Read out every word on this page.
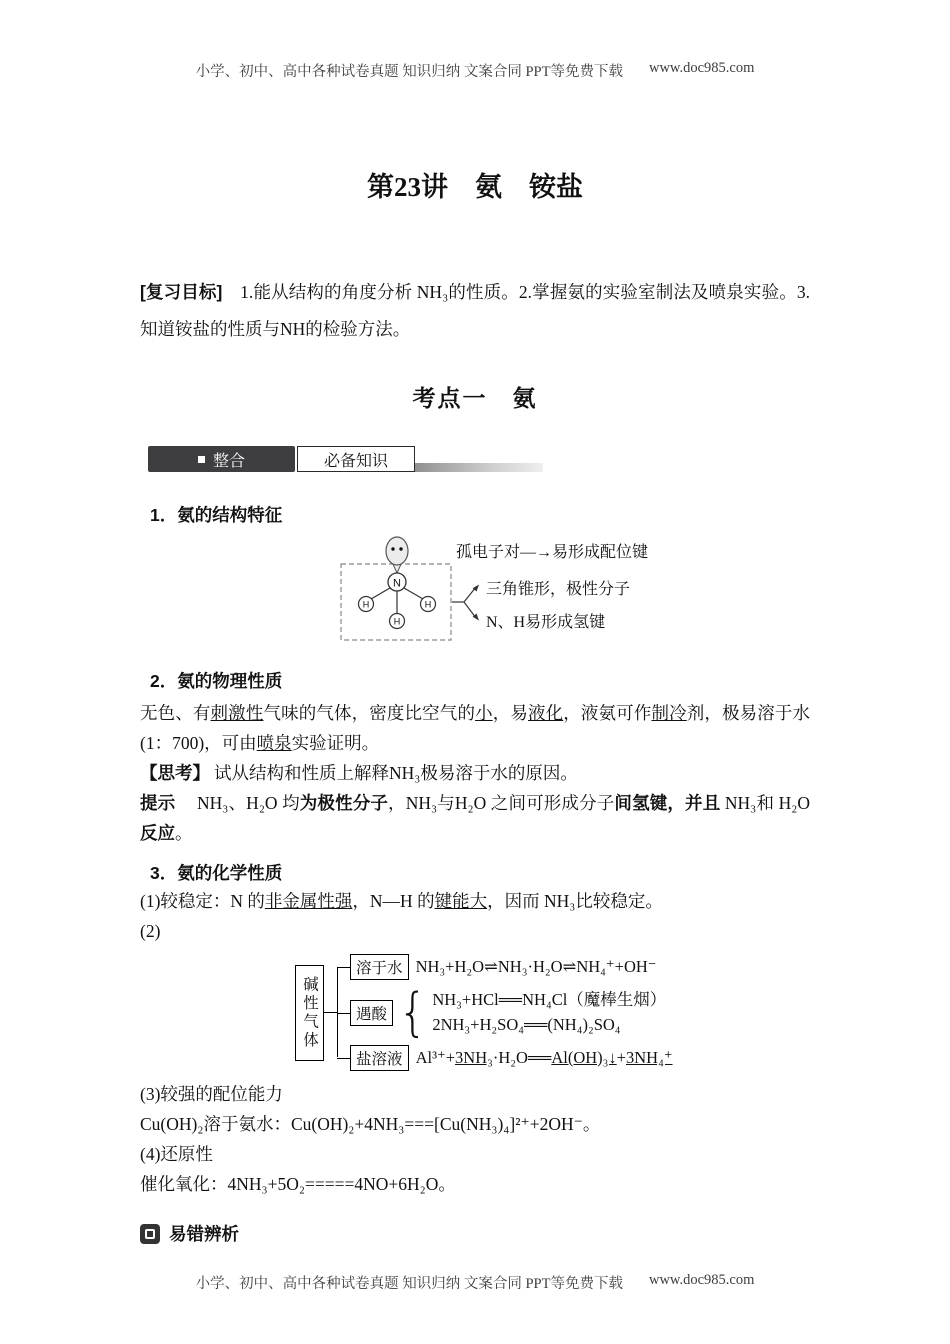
小学、初中、高中各种试卷真题 知识归纳 文案合同 PPT等免费下载 www.doc985.com
第23讲　氨　铵盐

[复习目标]　1.能从结构的角度分析 NH₃的性质。2.掌握氨的实验室制法及喷泉实验。3.知道铵盐的性质与NH的检验方法。

考点一　氨
整合	必备知识
1．氨的结构特征
N
H
H
H
孤电子对—→易形成配位键
三角锥形，极性分子
N、H易形成氢键
2．氨的物理性质

无色、有刺激性气味的气体，密度比空气的小，易液化，液氨可作制冷剂，极易溶于水(1：700)，可由喷泉实验证明。

【思考】 试从结构和性质上解释NH₃极易溶于水的原因。

提示　NH₃、H₂O 均为极性分子，NH₃与H₂O 之间可形成分子间氢键，并且 NH₃和 H₂O 反应。

3．氨的化学性质

(1)较稳定：N 的非金属性强，N—H 的键能大，因而 NH₃比较稳定。

(2)

碱性气体
溶于水 NH₃+H₂O⇌NH₃·H₂O⇌NH₄⁺+OH⁻
遇酸
{
NH₃+HCl══NH₄Cl（魔棒生烟）
2NH₃+H₂SO₄══(NH₄)₂SO₄
盐溶液 Al³⁺+3NH₃·H₂O══Al(OH)₃↓+3NH₄⁺

(3)较强的配位能力

Cu(OH)₂溶于氨水：Cu(OH)₂+4NH₃===[Cu(NH₃)₄]²⁺+2OH⁻。

(4)还原性

催化氧化：4NH₃+5O₂=====4NO+6H₂O。

易错辨析
小学、初中、高中各种试卷真题 知识归纳 文案合同 PPT等免费下载 www.doc985.com
